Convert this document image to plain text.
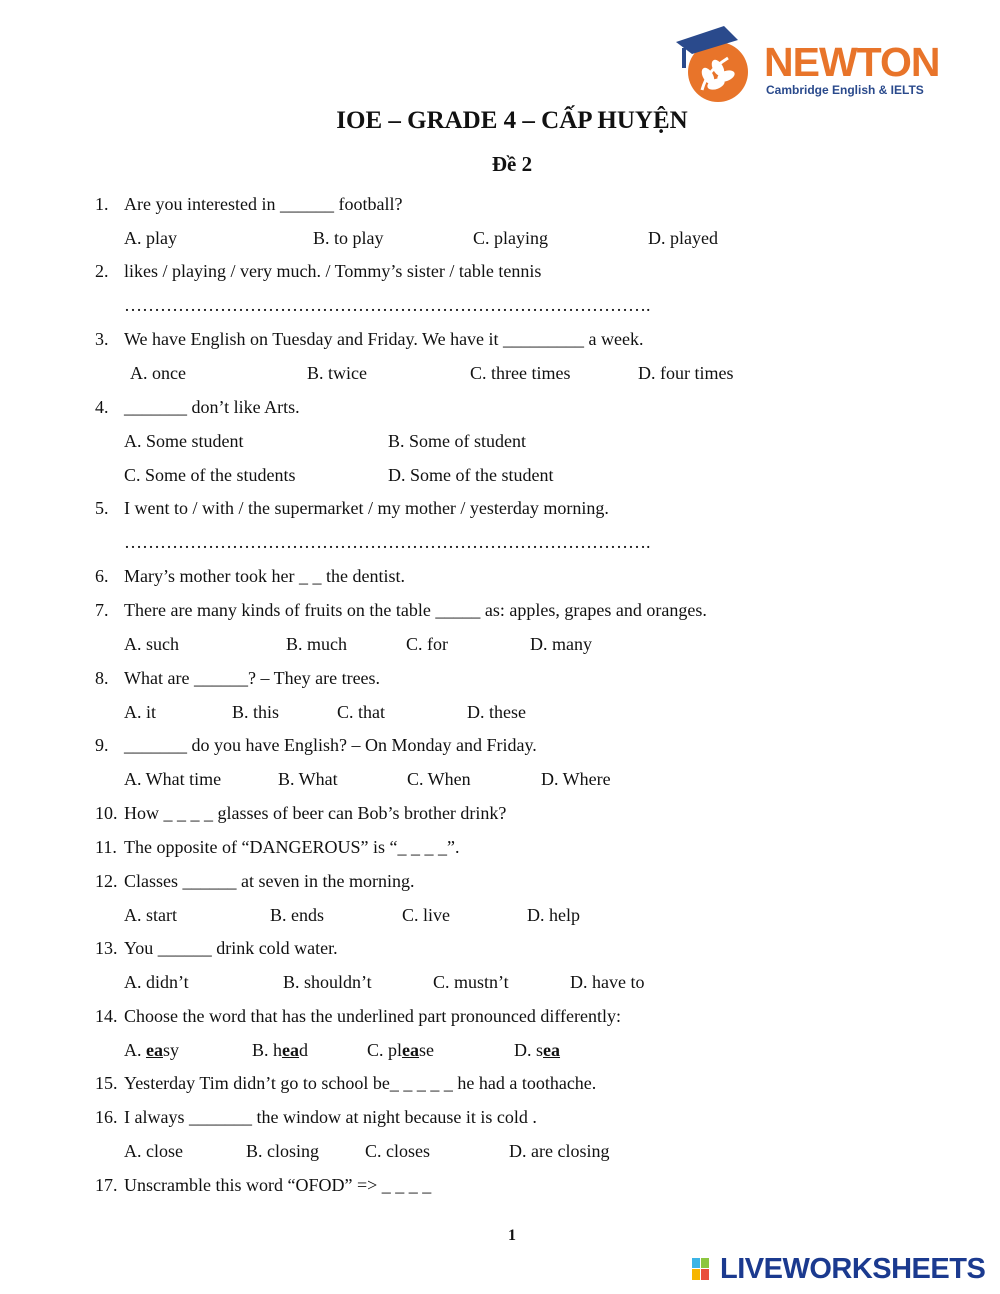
NEWTON
Cambridge English & IELTS
IOE – GRADE 4 – CẤP HUYỆN
Đề 2
1. Are you interested in ______ football?
A. play	B. to play	C. playing	D. played
2. likes / playing / very much. / Tommy’s sister / table tennis
…………………………………………………………………………….
3. We have English on Tuesday and Friday. We have it _________ a week.
A. once	B. twice	C. three times	D. four times
4. _______ don’t like Arts.
A. Some student	B. Some of student
C. Some of the students	D. Some of the student
5. I went to / with / the supermarket / my mother / yesterday morning.
…………………………………………………………………………….
6. Mary’s mother took her _ _ the dentist.
7. There are many kinds of fruits on the table _____ as: apples, grapes and oranges.
A. such	B. much	C. for	D. many
8. What are ______? – They are trees.
A. it	B. this	C. that	D. these
9. _______ do you have English? – On Monday and Friday.
A. What time	B. What	C. When	D. Where
10. How _ _ _ _ glasses of beer can Bob’s brother drink?
11. The opposite of “DANGEROUS” is “_ _ _ _”.
12. Classes ______ at seven in the morning.
A. start	B. ends	C. live	D. help
13. You ______ drink cold water.
A. didn’t	B. shouldn’t	C. mustn’t	D. have to
14. Choose the word that has the underlined part pronounced differently:
A. easy	B. head	C. please	D. sea
15. Yesterday Tim didn’t go to school be_ _ _ _ _ he had a toothache.
16. I always _______ the window at night because it is cold .
A. close	B. closing	C. closes	D. are closing
17. Unscramble this word “OFOD” => _ _ _ _
1
LIVEWORKSHEETS
